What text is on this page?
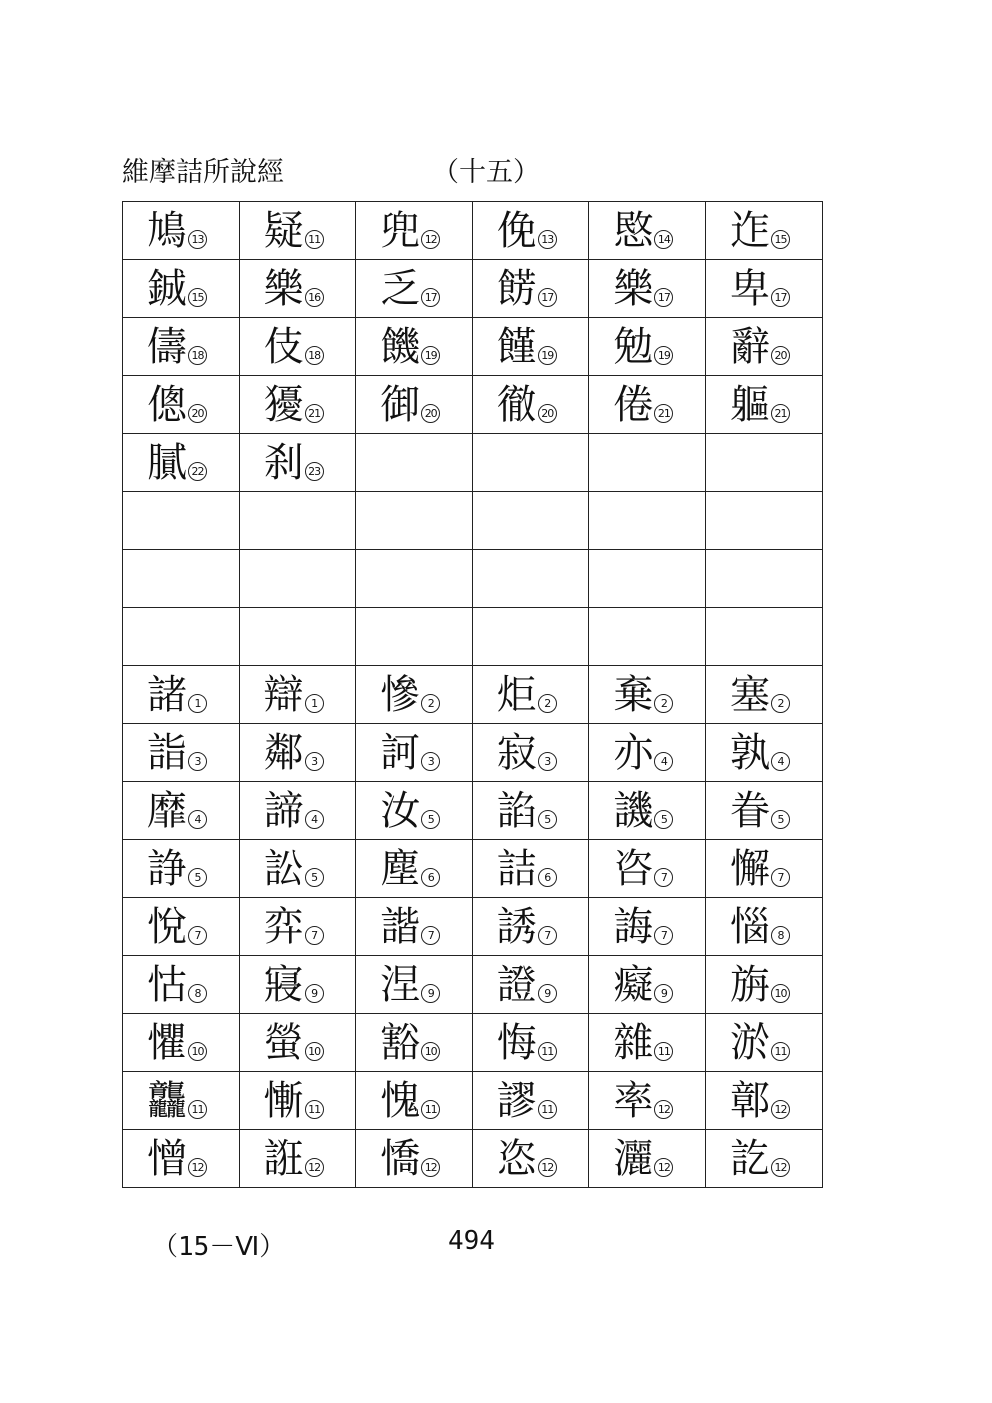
維摩詰所說經	（十五）
鳩 13	疑 11	兜 12	俛 13	愍 14	迮 15

鋮 15	樂 16	乏 17	餝 17	樂 17	卑 17

儔 18	伎 18	饑 19	饉 19	勉 19	辭 20

傯 20	獶 21	御 20	徹 20	倦 21	軀 21

膩 22	刹 23				

諸 1	辯 1	慘 2	炬 2	棄 2	塞 2

詣 3	鄰 3	訶 3	寂 3	亦 4	孰 4

靡 4	諦 4	汝 5	諂 5	譏 5	眷 5

諍 5	訟 5	塵 6	詰 6	咨 7	懈 7

悅 7	弈 7	諧 7	誘 7	誨 7	惱 8

怙 8	寢 9	涅 9	證 9	癡 9	旃 10

懼 10	螢 10	豁 10	悔 11	雜 11	淤 11

龘 11	慚 11	愧 11	謬 11	率 12	鄣 12

憎 12	誑 12	憍 12	恣 12	灑 12	訖 12
（15－Ⅵ）	494
